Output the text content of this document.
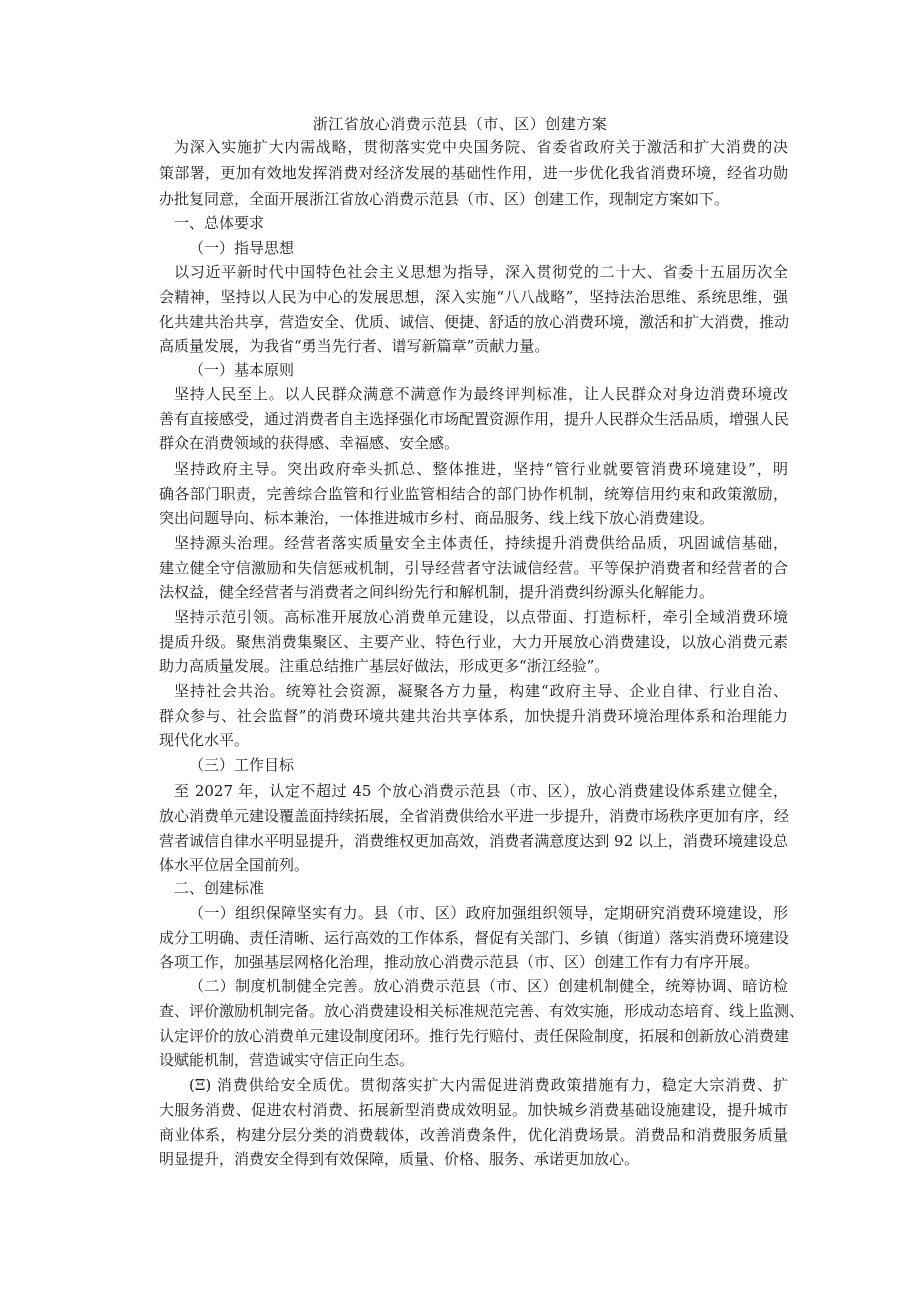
浙江省放心消费示范县（市、区）创建方案
为深入实施扩大内需战略，贯彻落实党中央国务院、省委省政府关于激活和扩大消费的决
策部署，更加有效地发挥消费对经济发展的基础性作用，进一步优化我省消费环境，经省功勋
办批复同意，全面开展浙江省放心消费示范县（市、区）创建工作，现制定方案如下。
一、总体要求
（一）指导思想
以习近平新时代中国特色社会主义思想为指导，深入贯彻党的二十大、省委十五届历次全
会精神，坚持以人民为中心的发展思想，深入实施“八八战略”，坚持法治思维、系统思维，强
化共建共治共享，营造安全、优质、诚信、便捷、舒适的放心消费环境，激活和扩大消费，推动
高质量发展，为我省“勇当先行者、谱写新篇章”贡献力量。
（一）基本原则
坚持人民至上。以人民群众满意不满意作为最终评判标准，让人民群众对身边消费环境改
善有直接感受，通过消费者自主选择强化市场配置资源作用，提升人民群众生活品质，增强人民
群众在消费领域的获得感、幸福感、安全感。
坚持政府主导。突出政府牵头抓总、整体推进，坚持“管行业就要管消费环境建设”，明
确各部门职责，完善综合监管和行业监管相结合的部门协作机制，统筹信用约束和政策激励，
突出问题导向、标本兼治，一体推进城市乡村、商品服务、线上线下放心消费建设。
坚持源头治理。经营者落实质量安全主体责任，持续提升消费供给品质，巩固诚信基础，
建立健全守信激励和失信惩戒机制，引导经营者守法诚信经营。平等保护消费者和经营者的合
法权益，健全经营者与消费者之间纠纷先行和解机制，提升消费纠纷源头化解能力。
坚持示范引领。高标准开展放心消费单元建设，以点带面、打造标杆，牵引全域消费环境
提质升级。聚焦消费集聚区、主要产业、特色行业，大力开展放心消费建设，以放心消费元素
助力高质量发展。注重总结推广基层好做法，形成更多“浙江经验”。
坚持社会共治。统筹社会资源，凝聚各方力量，构建“政府主导、企业自律、行业自治、
群众参与、社会监督”的消费环境共建共治共享体系，加快提升消费环境治理体系和治理能力
现代化水平。
（三）工作目标
至 2027 年，认定不超过 45 个放心消费示范县（市、区），放心消费建设体系建立健全，
放心消费单元建设覆盖面持续拓展，全省消费供给水平进一步提升，消费市场秩序更加有序，经
营者诚信自律水平明显提升，消费维权更加高效，消费者满意度达到 92 以上，消费环境建设总
体水平位居全国前列。
二、创建标准
（一）组织保障坚实有力。县（市、区）政府加强组织领导，定期研究消费环境建设，形
成分工明确、责任清晰、运行高效的工作体系，督促有关部门、乡镇（街道）落实消费环境建设
各项工作，加强基层网格化治理，推动放心消费示范县（市、区）创建工作有力有序开展。
（二）制度机制健全完善。放心消费示范县（市、区）创建机制健全，统筹协调、暗访检
查、评价激励机制完备。放心消费建设相关标准规范完善、有效实施，形成动态培育、线上监测、
认定评价的放心消费单元建设制度闭环。推行先行赔付、责任保险制度，拓展和创新放心消费建
设赋能机制，营造诚实守信正向生态。
(Ξ) 消费供给安全质优。贯彻落实扩大内需促进消费政策措施有力，稳定大宗消费、扩
大服务消费、促进农村消费、拓展新型消费成效明显。加快城乡消费基础设施建设，提升城市
商业体系，构建分层分类的消费载体，改善消费条件，优化消费场景。消费品和消费服务质量
明显提升，消费安全得到有效保障，质量、价格、服务、承诺更加放心。
